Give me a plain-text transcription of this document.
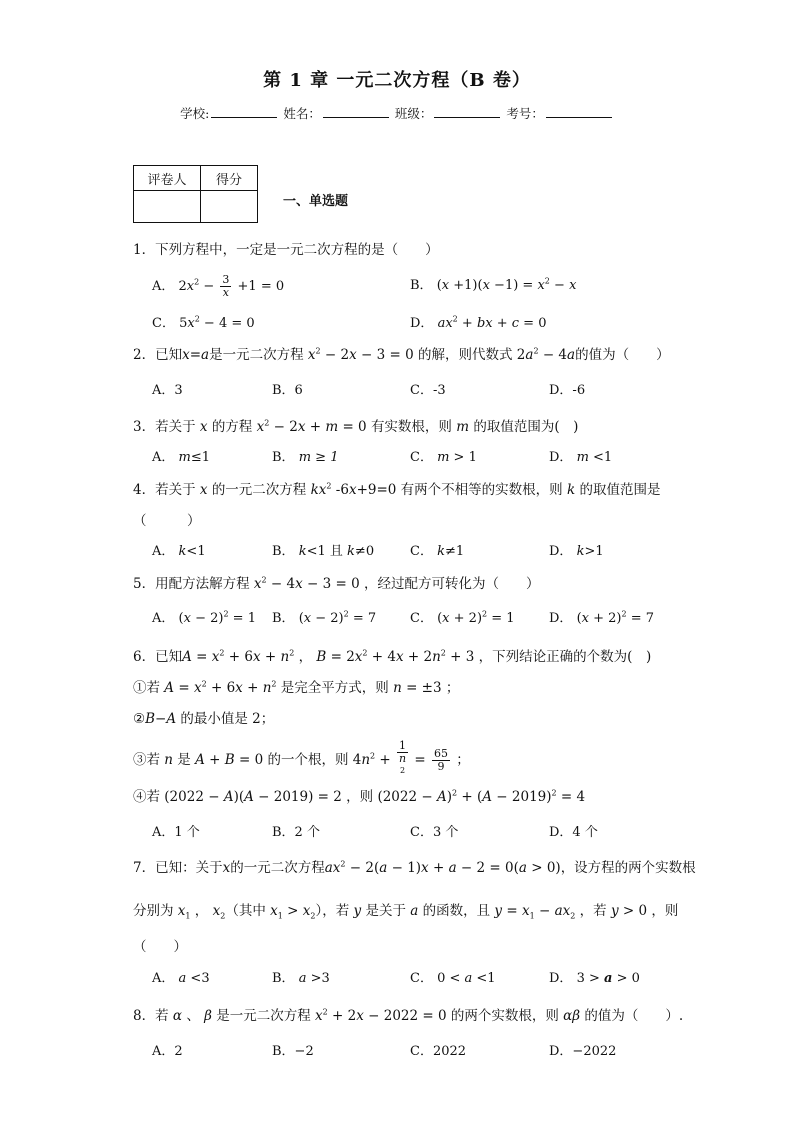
第 1 章 一元二次方程（B 卷）
学校:	姓名：	班级：	考号：
评卷人	得分

一、单选题
1．下列方程中，一定是一元二次方程的是（　　）
A． $2x^2 - \frac{3}{x} +1 = 0$	B． $(x +1)(x -1) = x^2 - x$
C． $5x^2 - 4 = 0$	D． $ax^2$ + bx + c = 0
2．已知x=a是一元二次方程 $x^2 - 2x - 3 = 0$ 的解，则代数式 $2a^2 - 4a$的值为（　　）
A．3	B．6	C．-3	D．-6
3．若关于 x 的方程 $x^2 - 2x + m = 0$ 有实数根，则 m 的取值范围为(　)
A． m≤1	B． m ≥ 1	C． m > 1	D． m <1
4．若关于 x 的一元二次方程 $kx^2$ -6x+9=0 有两个不相等的实数根，则 k 的取值范围是
（　　　）
A． k<1	B． k<1 且 k≠0	C． k≠1	D． k>1
5．用配方法解方程 $x^2 - 4x - 3 = 0$ ，经过配方可转化为（　　）
A． $(x - 2)^2 = 1$ B． $(x - 2)^2 = 7$	C． $(x + 2)^2 = 1$	D． $(x + 2)^2 = 7$
6．已知$A = x^2 + 6x + n^2$ ， $B = 2x^2 + 4x + 2n^2 + 3$ ，下列结论正确的个数为(　)
①若 $A = x^2 + 6x + n^2$ 是完全平方式，则 n = ±3 ；
②B−A 的最小值是 2；
③若 n 是 A + B = 0 的一个根，则 $4n^2 + 1$
n
$^2 = \frac{65}{9}$ ；
④若 (2022 − A)(A − 2019) = 2 ，则 $(2022 - A)^2 + (A - 2019)^2 = 4$
A．1 个	B．2 个	C．3 个	D．4 个
7．已知：关于x的一元二次方程$ax^2 - 2(a - 1)x + a - 2 = 0(a > 0)$，设方程的两个实数根
分别为 $x_1$ ， $x_2$（其中 $x_1 > x_2$），若 y 是关于 a 的函数，且 $y = x_1 - ax_2$ ，若 y > 0 ，则
（　　）
A． a <3	B． a >3	C． 0 < a <1	D． 3 > a > 0
8．若 α 、 β 是一元二次方程 $x^2 + 2x - 2022 = 0$ 的两个实数根，则 αβ 的值为（　　）.
A．2	B．−2	C．2022	D．−2022
